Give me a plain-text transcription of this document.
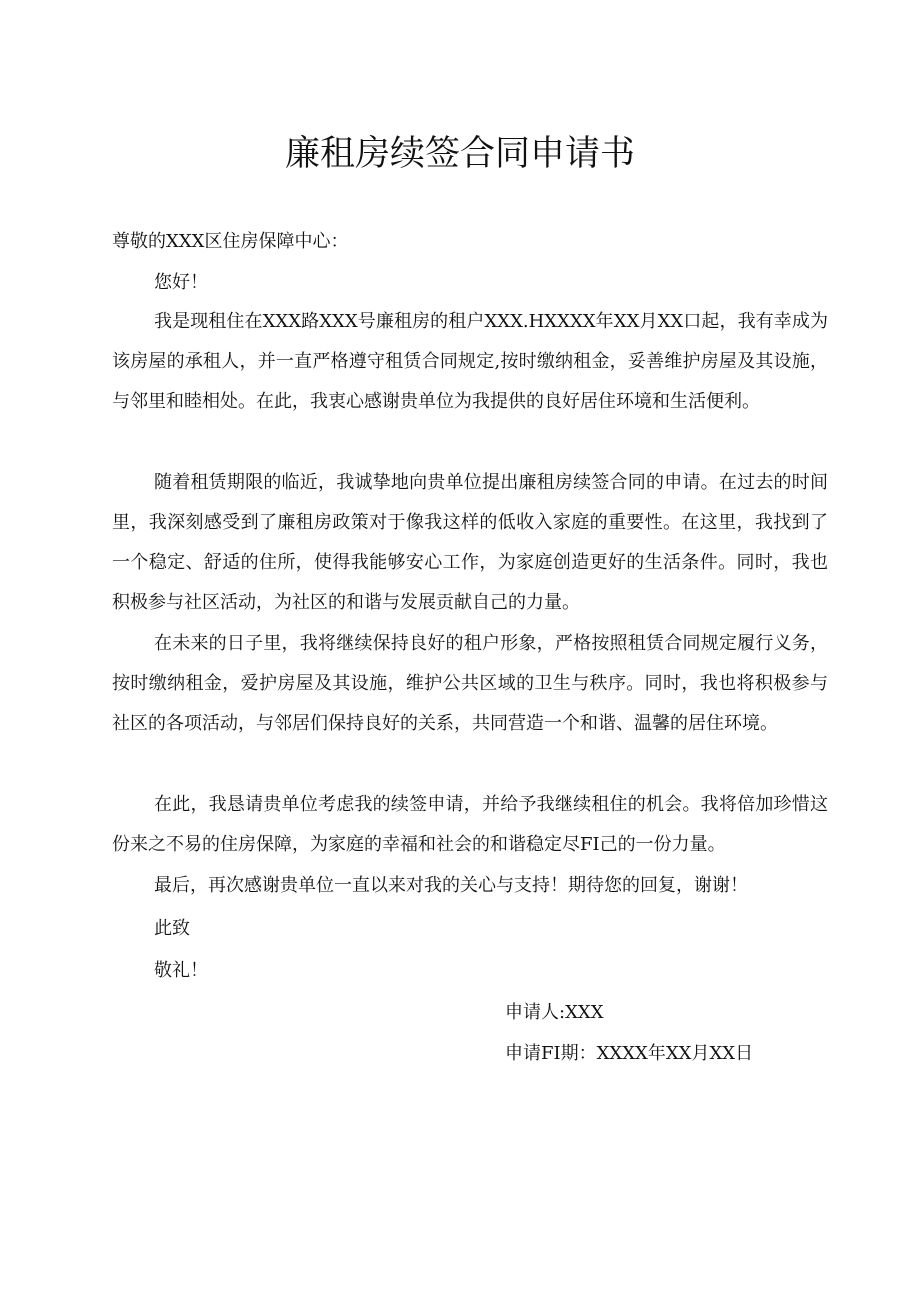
廉租房续签合同申请书
尊敬的XXX区住房保障中心：
您好！
我是现租住在XXX路XXX号廉租房的租户XXX.HXXXX年XX月XX口起，我有幸成为该房屋的承租人，并一直严格遵守租赁合同规定,按时缴纳租金，妥善维护房屋及其设施，与邻里和睦相处。在此，我衷心感谢贵单位为我提供的良好居住环境和生活便利。
随着租赁期限的临近，我诚挚地向贵单位提出廉租房续签合同的申请。在过去的时间里，我深刻感受到了廉租房政策对于像我这样的低收入家庭的重要性。在这里，我找到了一个稳定、舒适的住所，使得我能够安心工作，为家庭创造更好的生活条件。同时，我也积极参与社区活动，为社区的和谐与发展贡献自己的力量。
在未来的日子里，我将继续保持良好的租户形象，严格按照租赁合同规定履行义务，按时缴纳租金，爱护房屋及其设施，维护公共区域的卫生与秩序。同时，我也将积极参与社区的各项活动，与邻居们保持良好的关系，共同营造一个和谐、温馨的居住环境。
在此，我恳请贵单位考虑我的续签申请，并给予我继续租住的机会。我将倍加珍惜这份来之不易的住房保障，为家庭的幸福和社会的和谐稳定尽FI己的一份力量。
最后，再次感谢贵单位一直以来对我的关心与支持！期待您的回复，谢谢！
此致
敬礼！
申请人:XXX
申请FI期：XXXX年XX月XX日
